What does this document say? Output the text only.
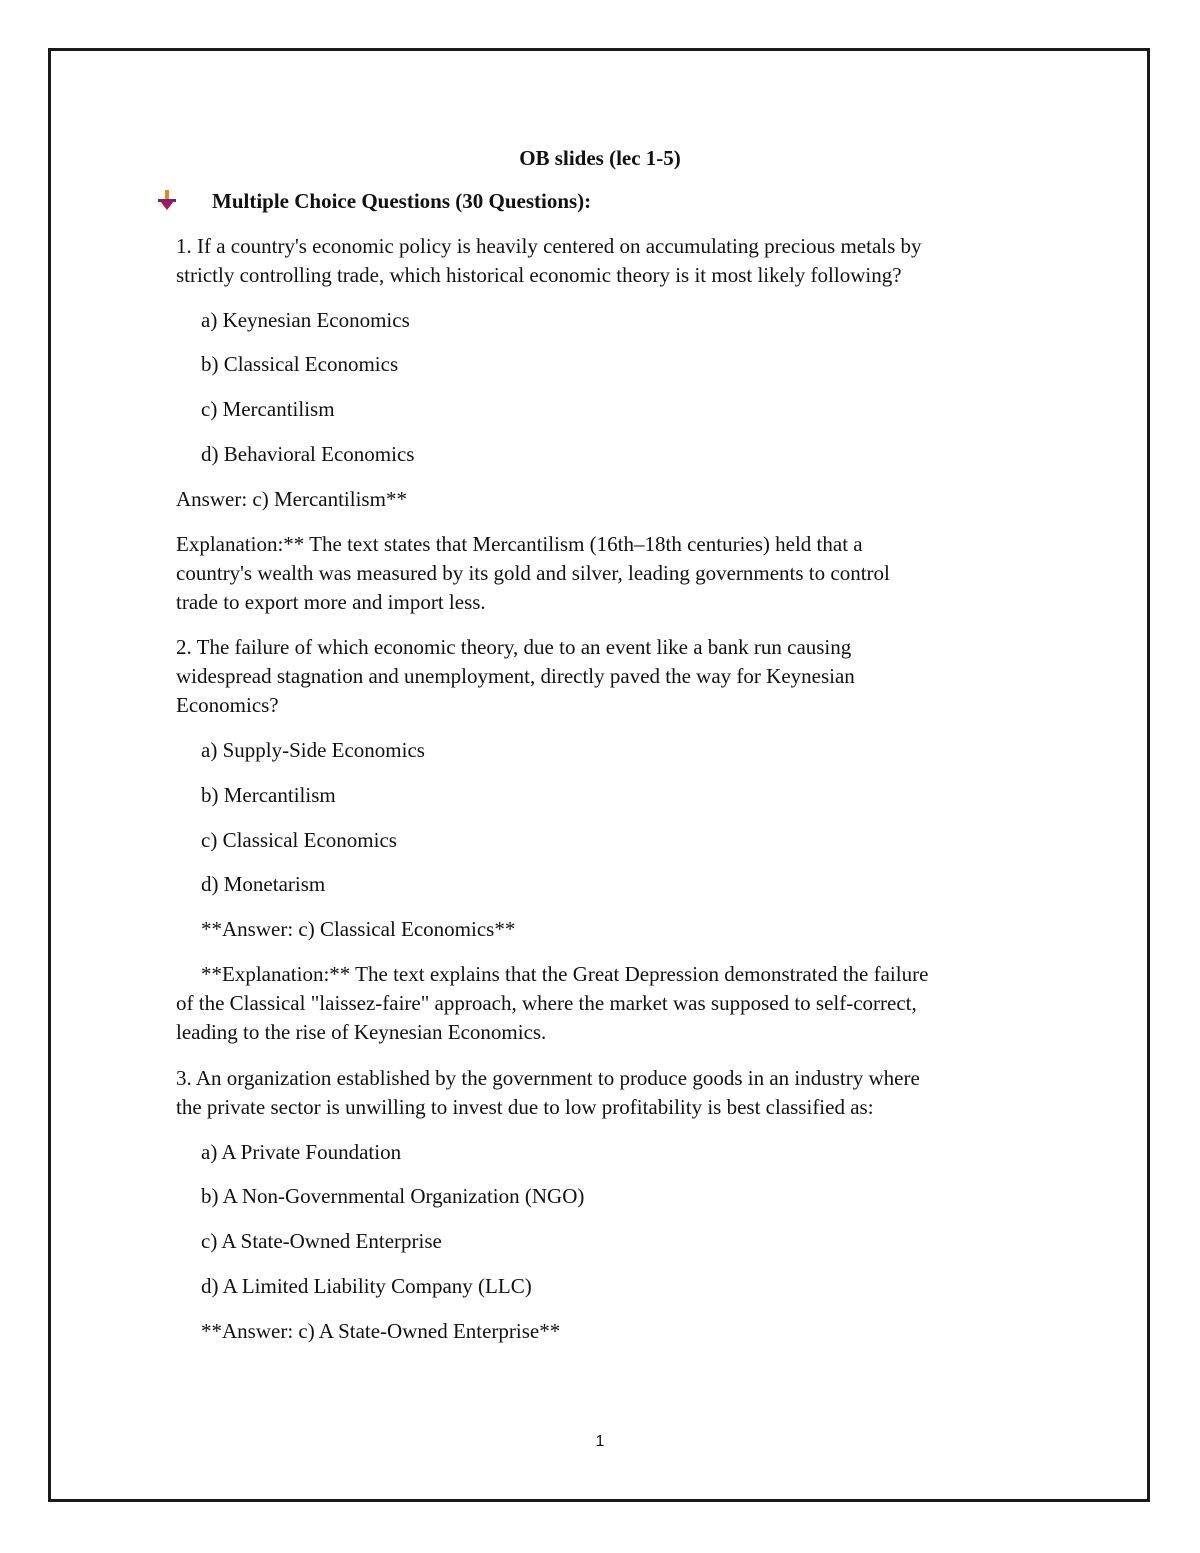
OB slides (lec 1-5)
Multiple Choice Questions (30 Questions):

1. If a country's economic policy is heavily centered on accumulating precious metals by

strictly controlling trade, which historical economic theory is it most likely following?

a) Keynesian Economics

b) Classical Economics

c) Mercantilism

d) Behavioral Economics

Answer: c) Mercantilism**

Explanation:** The text states that Mercantilism (16th–18th centuries) held that a

country's wealth was measured by its gold and silver, leading governments to control

trade to export more and import less.

2. The failure of which economic theory, due to an event like a bank run causing

widespread stagnation and unemployment, directly paved the way for Keynesian

Economics?

a) Supply-Side Economics

b) Mercantilism

c) Classical Economics

d) Monetarism

**Answer: c) Classical Economics**

**Explanation:** The text explains that the Great Depression demonstrated the failure

of the Classical "laissez-faire" approach, where the market was supposed to self-correct,

leading to the rise of Keynesian Economics.

3. An organization established by the government to produce goods in an industry where

the private sector is unwilling to invest due to low profitability is best classified as:

a) A Private Foundation

b) A Non-Governmental Organization (NGO)

c) A State-Owned Enterprise

d) A Limited Liability Company (LLC)

**Answer: c) A State-Owned Enterprise**

1
